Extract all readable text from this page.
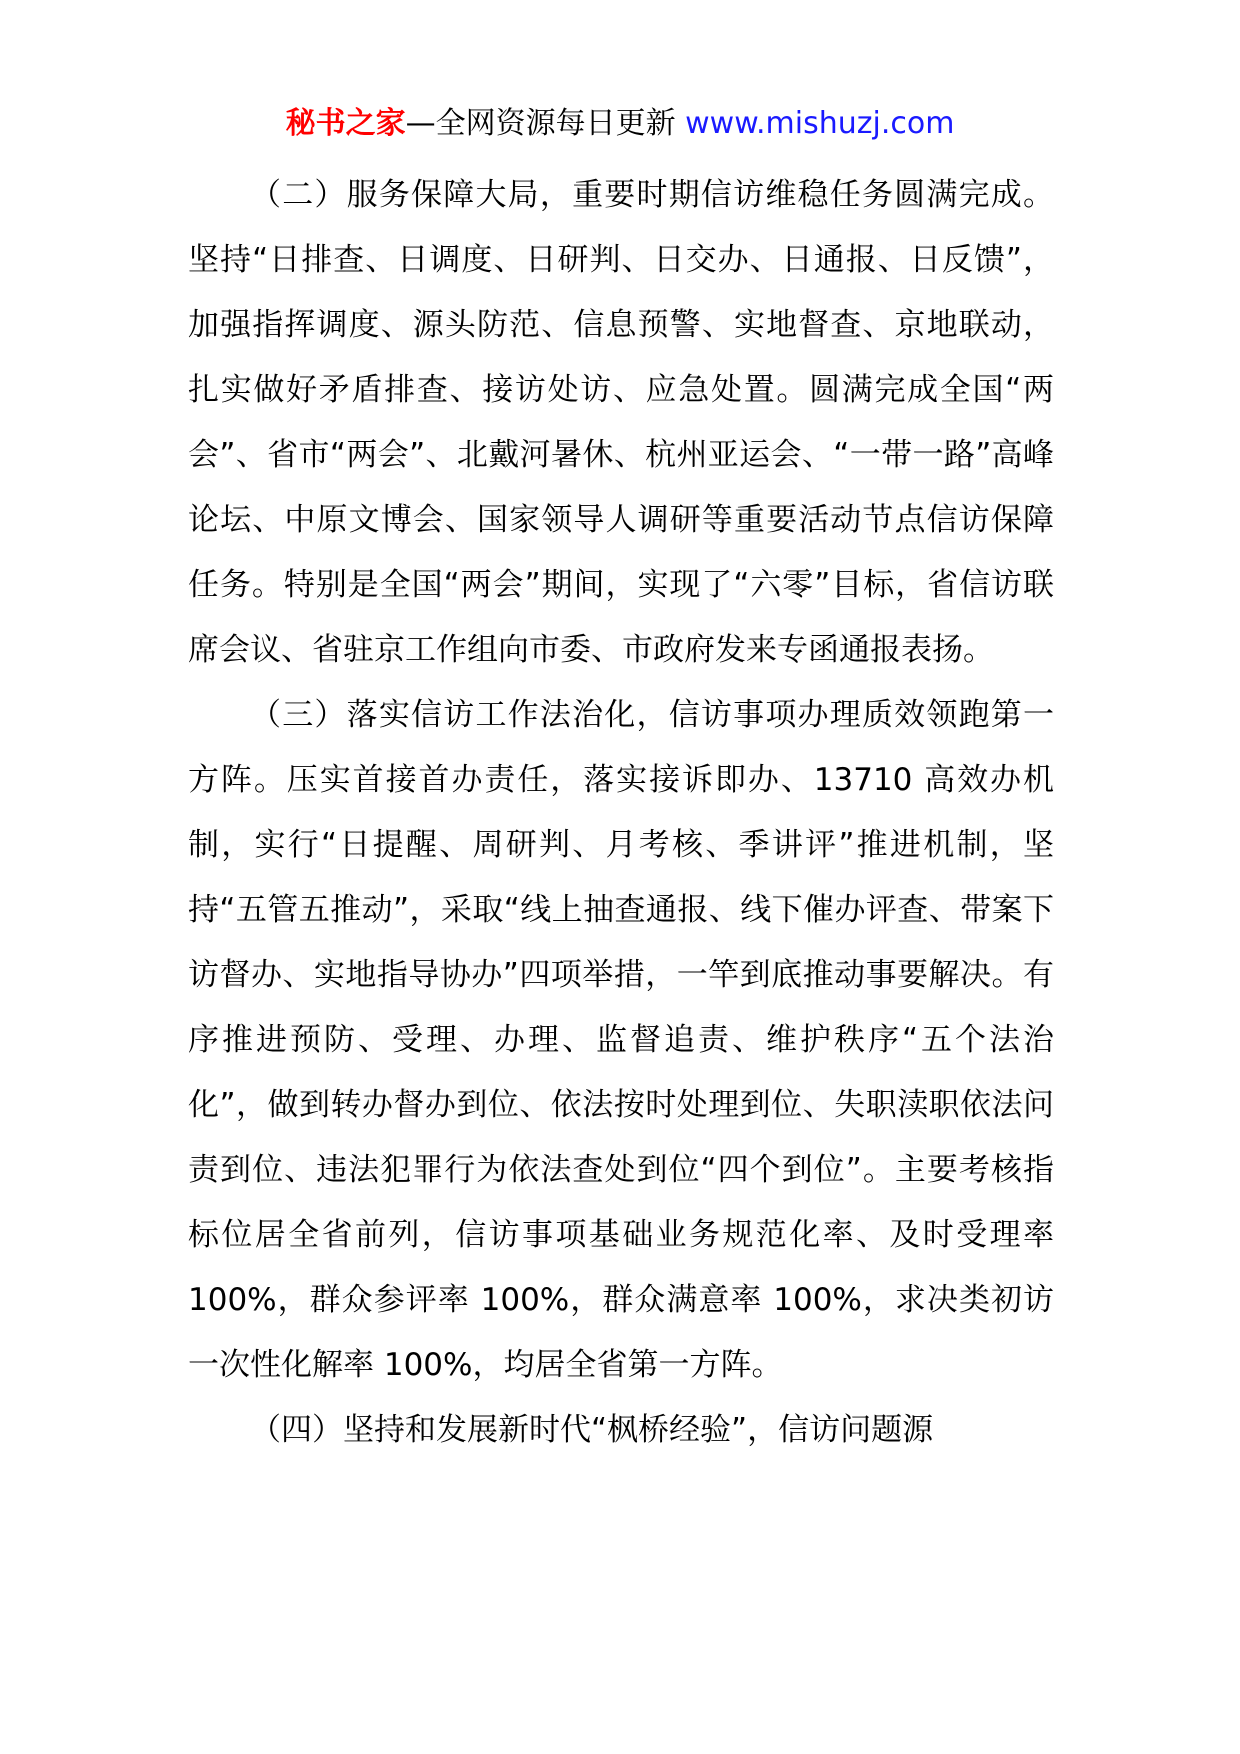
秘书之家—全网资源每日更新 www.mishuzj.com

（二）服务保障大局，重要时期信访维稳任务圆满完成。坚持“日排查、日调度、日研判、日交办、日通报、日反馈”，加强指挥调度、源头防范、信息预警、实地督查、京地联动，扎实做好矛盾排查、接访处访、应急处置。圆满完成全国“两会”、省市“两会”、北戴河暑休、杭州亚运会、“一带一路”高峰论坛、中原文博会、国家领导人调研等重要活动节点信访保障任务。特别是全国“两会”期间，实现了“六零”目标，省信访联席会议、省驻京工作组向市委、市政府发来专函通报表扬。

（三）落实信访工作法治化，信访事项办理质效领跑第一方阵。压实首接首办责任，落实接诉即办、13710 高效办机制，实行“日提醒、周研判、月考核、季讲评”推进机制，坚持“五管五推动”，采取“线上抽查通报、线下催办评查、带案下访督办、实地指导协办”四项举措，一竿到底推动事要解决。有序推进预防、受理、办理、监督追责、维护秩序“五个法治化”，做到转办督办到位、依法按时处理到位、失职渎职依法问责到位、违法犯罪行为依法查处到位“四个到位”。主要考核指标位居全省前列，信访事项基础业务规范化率、及时受理率 100%，群众参评率 100%，群众满意率 100%，求决类初访一次性化解率 100%，均居全省第一方阵。

（四）坚持和发展新时代“枫桥经验”，信访问题源
